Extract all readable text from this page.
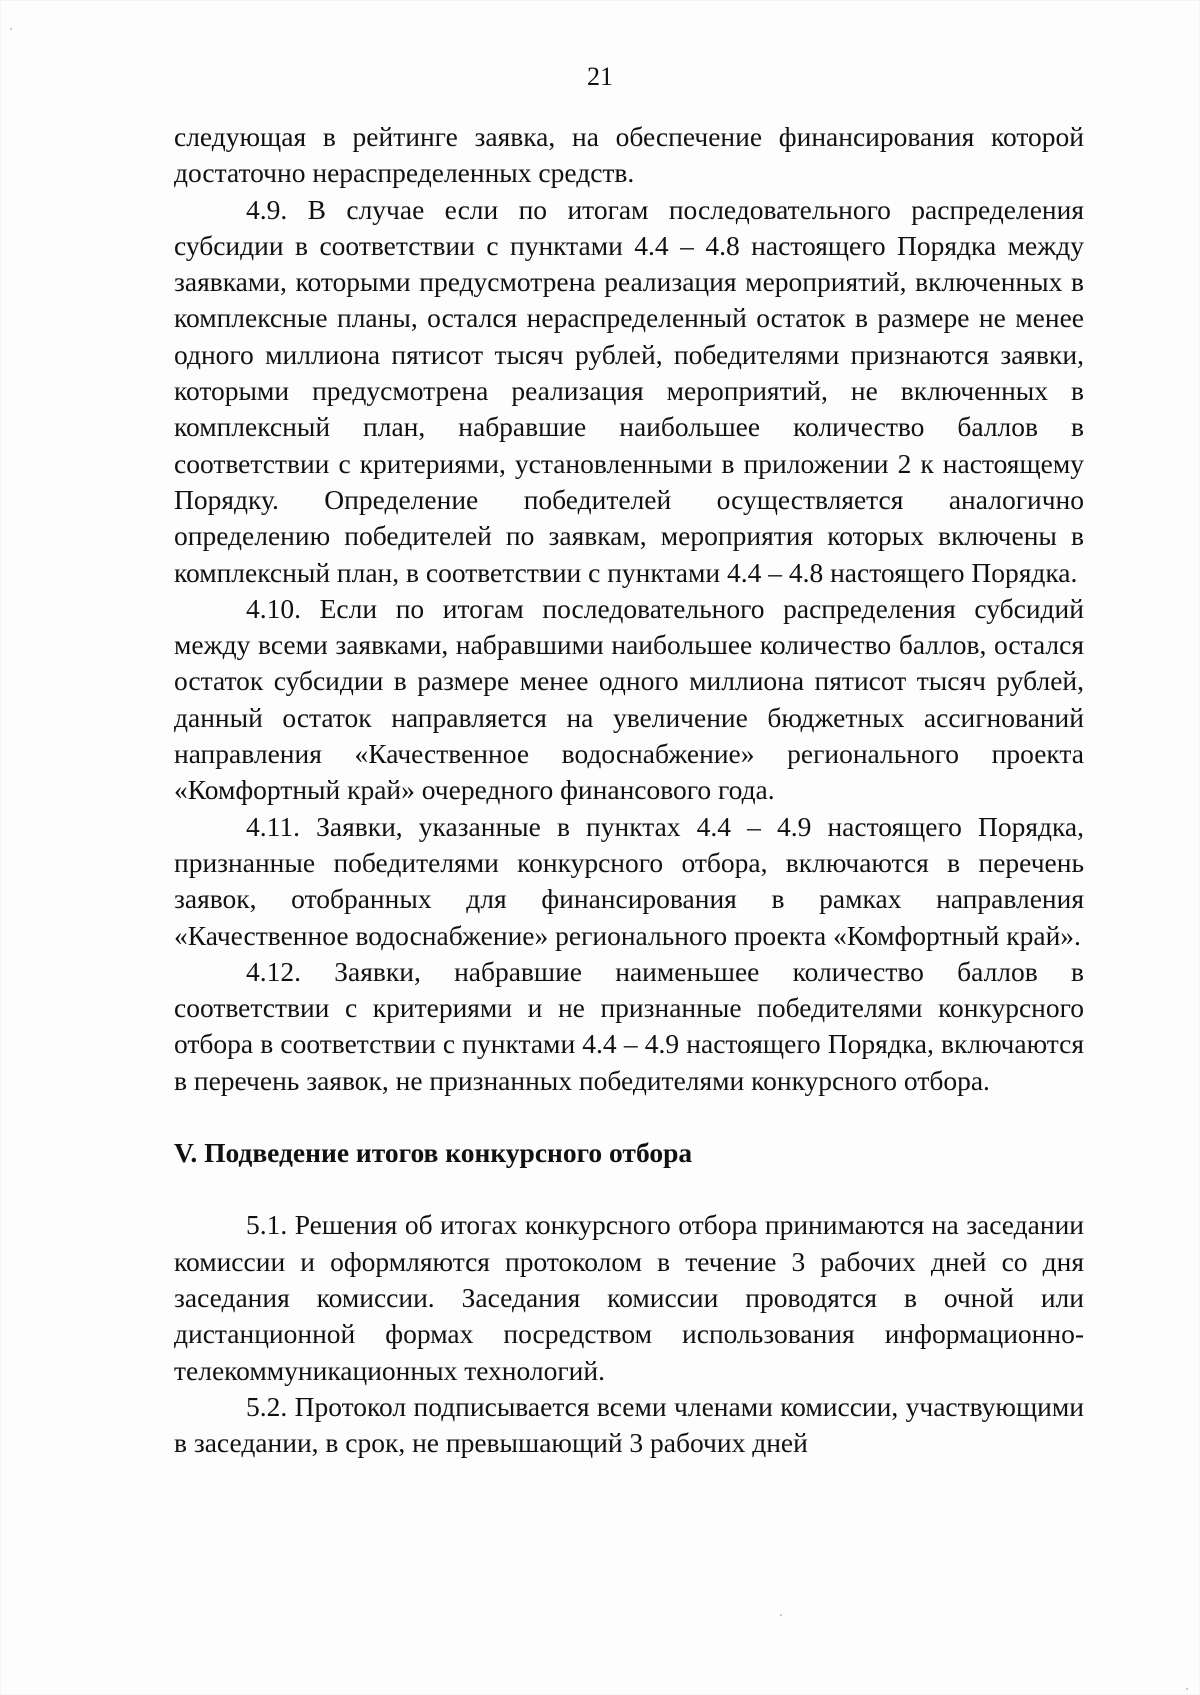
21

следующая в рейтинге заявка, на обеспечение финансирования которой достаточно нераспределенных средств.

4.9. В случае если по итогам последовательного распределения субсидии в соответствии с пунктами 4.4 – 4.8 настоящего Порядка между заявками, которыми предусмотрена реализация мероприятий, включенных в комплексные планы, остался нераспределенный остаток в размере не менее одного миллиона пятисот тысяч рублей, победителями признаются заявки, которыми предусмотрена реализация мероприятий, не включенных в комплексный план, набравшие наибольшее количество баллов в соответствии с критериями, установленными в приложении 2 к настоящему Порядку. Определение победителей осуществляется аналогично определению победителей по заявкам, мероприятия которых включены в комплексный план, в соответствии с пунктами 4.4 – 4.8 настоящего Порядка.

4.10. Если по итогам последовательного распределения субсидий между всеми заявками, набравшими наибольшее количество баллов, остался остаток субсидии в размере менее одного миллиона пятисот тысяч рублей, данный остаток направляется на увеличение бюджетных ассигнований направления «Качественное водоснабжение» регионального проекта «Комфортный край» очередного финансового года.

4.11. Заявки, указанные в пунктах 4.4 – 4.9 настоящего Порядка, признанные победителями конкурсного отбора, включаются в перечень заявок, отобранных для финансирования в рамках направления «Качественное водоснабжение» регионального проекта «Комфортный край».

4.12. Заявки, набравшие наименьшее количество баллов в соответствии с критериями и не признанные победителями конкурсного отбора в соответствии с пунктами 4.4 – 4.9 настоящего Порядка, включаются в перечень заявок, не признанных победителями конкурсного отбора.

V. Подведение итогов конкурсного отбора

5.1. Решения об итогах конкурсного отбора принимаются на заседании комиссии и оформляются протоколом в течение 3 рабочих дней со дня заседания комиссии. Заседания комиссии проводятся в очной или дистанционной формах посредством использования информационно-телекоммуникационных технологий.

5.2. Протокол подписывается всеми членами комиссии, участвующими в заседании, в срок, не превышающий 3 рабочих дней
